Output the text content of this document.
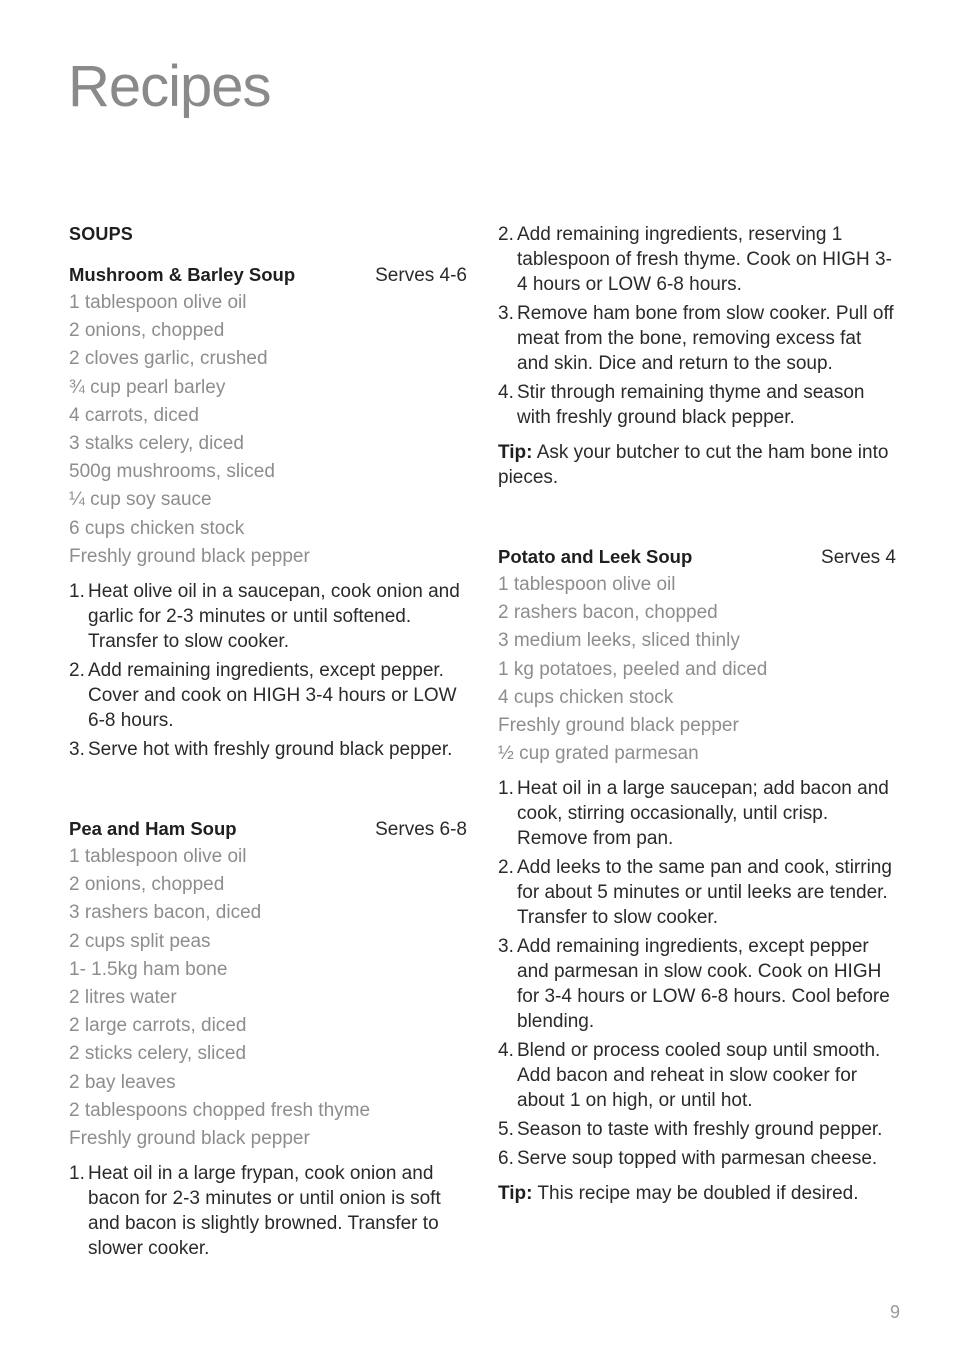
Recipes
SOUPS
Mushroom & Barley Soup	Serves 4-6
1 tablespoon olive oil
2 onions, chopped
2 cloves garlic, crushed
¾ cup pearl barley
4 carrots, diced
3 stalks celery, diced
500g mushrooms, sliced
¼ cup soy sauce
6 cups chicken stock
Freshly ground black pepper
1. Heat olive oil in a saucepan, cook onion and garlic for 2-3 minutes or until softened. Transfer to slow cooker.
2. Add remaining ingredients, except pepper. Cover and cook on HIGH 3-4 hours or LOW 6-8 hours.
3. Serve hot with freshly ground black pepper.
Pea and Ham Soup	Serves 6-8
1 tablespoon olive oil
2 onions, chopped
3 rashers bacon, diced
2 cups split peas
1- 1.5kg ham bone
2 litres water
2 large carrots, diced
2 sticks celery, sliced
2 bay leaves
2 tablespoons chopped fresh thyme
Freshly ground black pepper
1. Heat oil in a large frypan, cook onion and bacon for 2-3 minutes or until onion is soft and bacon is slightly browned. Transfer to slower cooker.
2. Add remaining ingredients, reserving 1 tablespoon of fresh thyme. Cook on HIGH 3-4 hours or LOW 6-8 hours.
3. Remove ham bone from slow cooker. Pull off meat from the bone, removing excess fat and skin. Dice and return to the soup.
4. Stir through remaining thyme and season with freshly ground black pepper.

Tip: Ask your butcher to cut the ham bone into pieces.

Potato and Leek Soup	Serves 4
1 tablespoon olive oil
2 rashers bacon, chopped
3 medium leeks, sliced thinly
1 kg potatoes, peeled and diced
4 cups chicken stock
Freshly ground black pepper
½ cup grated parmesan
1. Heat oil in a large saucepan; add bacon and cook, stirring occasionally, until crisp. Remove from pan.
2. Add leeks to the same pan and cook, stirring for about 5 minutes or until leeks are tender. Transfer to slow cooker.
3. Add remaining ingredients, except pepper and parmesan in slow cook. Cook on HIGH for 3-4 hours or LOW 6-8 hours. Cool before blending.
4. Blend or process cooled soup until smooth. Add bacon and reheat in slow cooker for about 1 on high, or until hot.
5. Season to taste with freshly ground pepper.
6. Serve soup topped with parmesan cheese.

Tip: This recipe may be doubled if desired.

9
